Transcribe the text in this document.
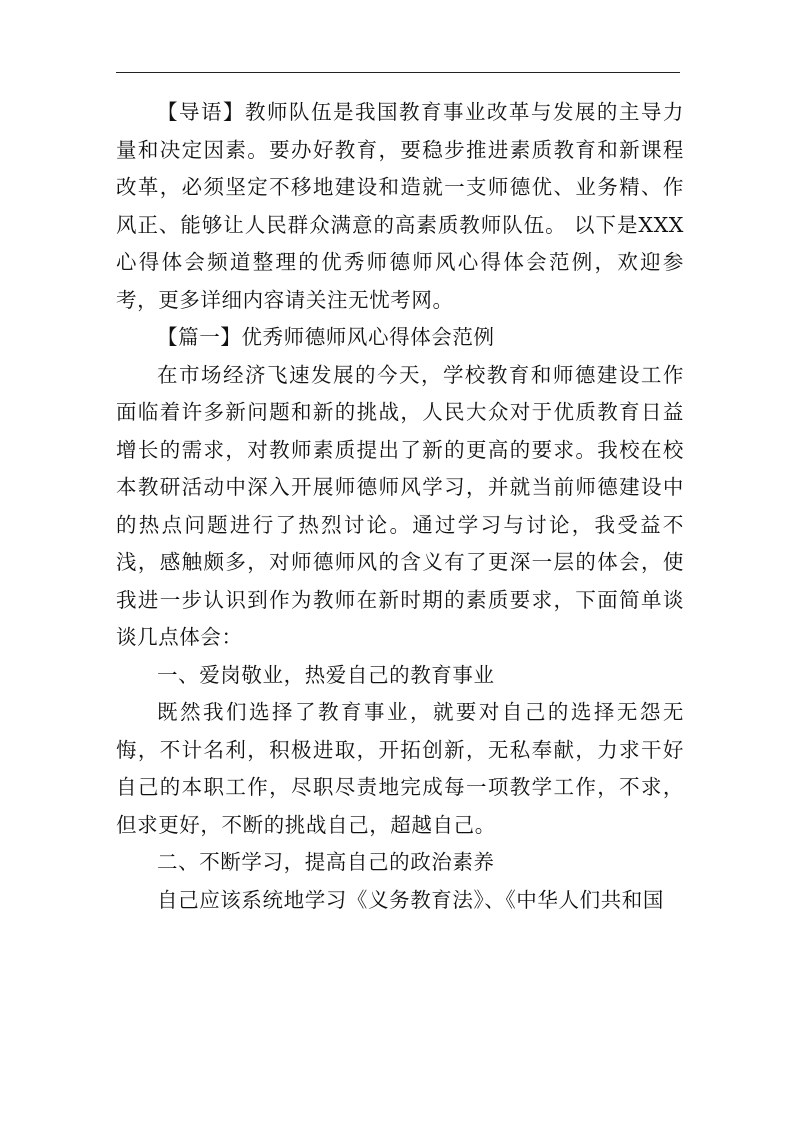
【导语】教师队伍是我国教育事业改革与发展的主导力量和决定因素。要办好教育，要稳步推进素质教育和新课程改革，必须坚定不移地建设和造就一支师德优、业务精、作风正、能够让人民群众满意的高素质教师队伍。 以下是XXX心得体会频道整理的优秀师德师风心得体会范例，欢迎参考，更多详细内容请关注无忧考网。

【篇一】优秀师德师风心得体会范例

在市场经济飞速发展的今天，学校教育和师德建设工作面临着许多新问题和新的挑战，人民大众对于优质教育日益增长的需求，对教师素质提出了新的更高的要求。我校在校本教研活动中深入开展师德师风学习，并就当前师德建设中的热点问题进行了热烈讨论。通过学习与讨论，我受益不浅，感触颇多，对师德师风的含义有了更深一层的体会，使我进一步认识到作为教师在新时期的素质要求，下面简单谈谈几点体会：

一、爱岗敬业，热爱自己的教育事业

既然我们选择了教育事业，就要对自己的选择无怨无悔，不计名利，积极进取，开拓创新，无私奉献，力求干好自己的本职工作，尽职尽责地完成每一项教学工作，不求，但求更好，不断的挑战自己，超越自己。

二、不断学习，提高自己的政治素养

自己应该系统地学习《义务教育法》、《中华人们共和国
